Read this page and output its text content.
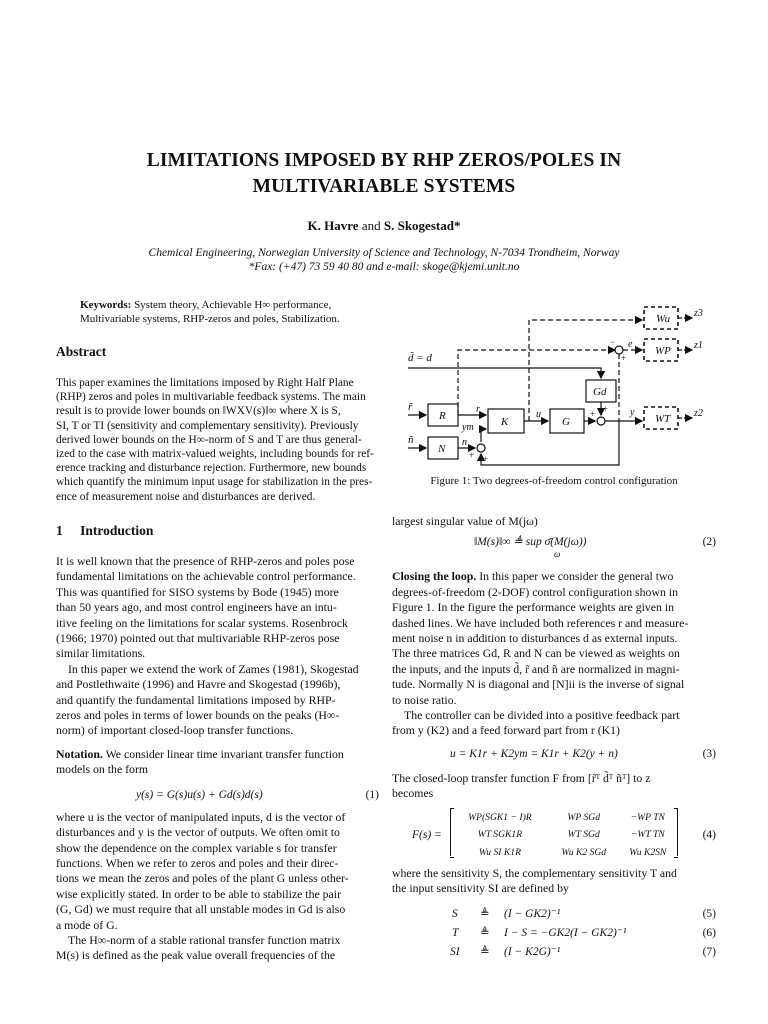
LIMITATIONS IMPOSED BY RHP ZEROS/POLES IN
MULTIVARIABLE SYSTEMS
K. Havre and S. Skogestad*
Chemical Engineering, Norwegian University of Science and Technology, N-7034 Trondheim, Norway
*Fax: (+47) 73 59 40 80 and e-mail: skoge@kjemi.unit.no
Keywords: System theory, Achievable H∞ performance,
Multivariable systems, RHP-zeros and poles, Stabilization.
Abstract
This paper examines the limitations imposed by Right Half Plane
(RHP) zeros and poles in multivariable feedback systems. The main
result is to provide lower bounds on ‖WXV(s)‖∞ where X is S,
SI, T or TI (sensitivity and complementary sensitivity). Previously
derived lower bounds on the H∞-norm of S and T are thus general-
ized to the case with matrix-valued weights, including bounds for ref-
erence tracking and disturbance rejection. Furthermore, new bounds
which quantify the minimum input usage for stabilization in the pres-
ence of measurement noise and disturbances are derived.
1 Introduction
It is well known that the presence of RHP-zeros and poles pose
fundamental limitations on the achievable control performance.
This was quantified for SISO systems by Bode (1945) more
than 50 years ago, and most control engineers have an intu-
itive feeling on the limitations for scalar systems. Rosenbrock
(1966; 1970) pointed out that multivariable RHP-zeros pose
similar limitations.
In this paper we extend the work of Zames (1981), Skogestad
and Postlethwaite (1996) and Havre and Skogestad (1996b),
and quantify the fundamental limitations imposed by RHP-
zeros and poles in terms of lower bounds on the peaks (H∞-
norm) of important closed-loop transfer functions.
Notation. We consider linear time invariant transfer function
models on the form
y(s) = G(s)u(s) + Gd(s)d(s)	(1)
where u is the vector of manipulated inputs, d is the vector of
disturbances and y is the vector of outputs. We often omit to
show the dependence on the complex variable s for transfer
functions. When we refer to zeros and poles and their direc-
tions we mean the zeros and poles of the plant G unless other-
wise explicitly stated. In order to be able to stabilize the pair
(G, Gd) we must require that all unstable modes in Gd is also
a mode of G.
The H∞-norm of a stable rational transfer function matrix
M(s) is defined as the peak value overall frequencies of the
Wu
WP
WT
Gd
R
N
K	G
d̃ = d
r̃
ñ
r
ym
n
u	y
e
z3
z1
z2
+ +
+
−
+ +
Figure 1: Two degrees-of-freedom control configuration
largest singular value of M(jω)
‖M(s)‖∞ ≜ sup σ̄(M(jω))
ω
(2)
Closing the loop. In this paper we consider the general two
degrees-of-freedom (2-DOF) control configuration shown in
Figure 1. In the figure the performance weights are given in
dashed lines. We have included both references r and measure-
ment noise n in addition to disturbances d as external inputs.
The three matrices Gd, R and N can be viewed as weights on
the inputs, and the inputs d̃, r̃ and ñ are normalized in magni-
tude. Normally N is diagonal and [N]ii is the inverse of signal
to noise ratio.
The controller can be divided into a positive feedback part
from y (K2) and a feed forward part from r (K1)
u = K1r + K2ym = K1r + K2(y + n)	(3)
The closed-loop transfer function F from [r̃ᵀ d̃ᵀ ñᵀ] to z
becomes
F(s) =
WP(SGK1 − I)R	WP SGd	−WP TN
WT SGK1R	WT SGd	−WT TN
Wu SI K1R	Wu K2 SGd	Wu K2SN
(4)
where the sensitivity S, the complementary sensitivity T and
the input sensitivity SI are defined by
S ≜ (I − GK2)⁻¹	(5)
T ≜ I − S = −GK2(I − GK2)⁻¹	(6)
SI ≜ (I − K2G)⁻¹	(7)
